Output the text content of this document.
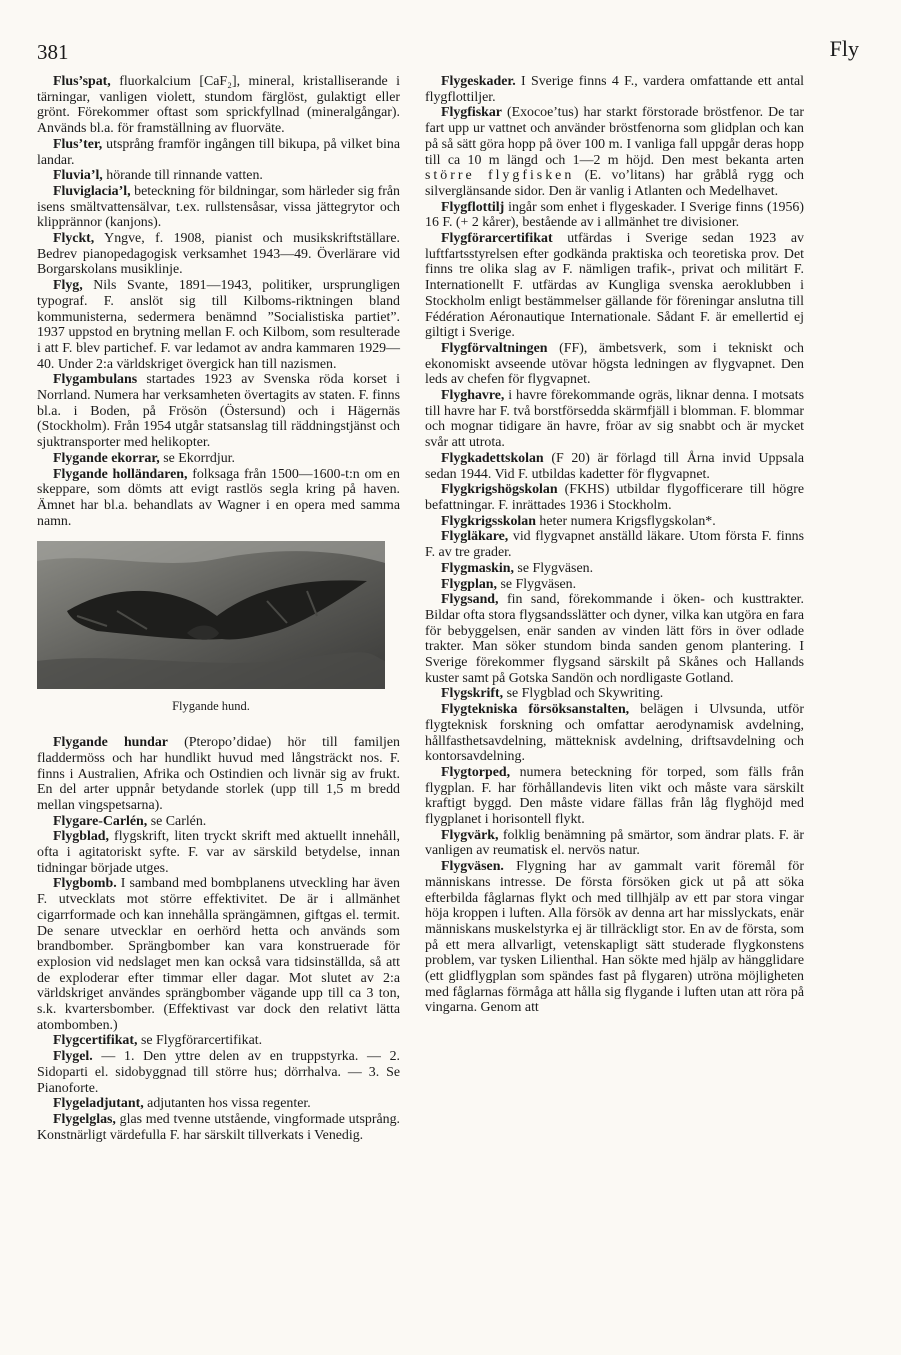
381	Fly

Flus’spat, fluorkalcium [CaF₂], mineral, kristalliserande i tärningar, vanligen violett, stundom färglöst, gulaktigt eller grönt. Förekommer oftast som sprickfyllnad (mineralgångar). Används bl.a. för framställning av fluorväte.

Flus’ter, utsprång framför ingången till bikupa, på vilket bina landar.

Fluvia’l, hörande till rinnande vatten.

Fluviglacia’l, beteckning för bildningar, som härleder sig från isens smältvattensälvar, t.ex. rullstensåsar, vissa jättegrytor och klipprännor (kanjons).

Flyckt, Yngve, f. 1908, pianist och musikskriftställare. Bedrev pianopedagogisk verksamhet 1943—49. Överlärare vid Borgarskolans musiklinje.

Flyg, Nils Svante, 1891—1943, politiker, ursprungligen typograf. F. anslöt sig till Kilboms-riktningen bland kommunisterna, sedermera benämnd ”Socialistiska partiet”. 1937 uppstod en brytning mellan F. och Kilbom, som resulterade i att F. blev partichef. F. var ledamot av andra kammaren 1929—40. Under 2:a världskriget övergick han till nazismen.

Flygambulans startades 1923 av Svenska röda korset i Norrland. Numera har verksamheten övertagits av staten. F. finns bl.a. i Boden, på Frösön (Östersund) och i Hägernäs (Stockholm). Från 1954 utgår statsanslag till räddningstjänst och sjuktransporter med helikopter.

Flygande ekorrar, se Ekorrdjur.

Flygande holländaren, folksaga från 1500—1600-t:n om en skeppare, som dömts att evigt rastlös segla kring på haven. Ämnet har bl.a. behandlats av Wagner i en opera med samma namn.

Flygande hund.

Flygande hundar (Pteropo’didae) hör till familjen fladdermöss och har hundlikt huvud med långsträckt nos. F. finns i Australien, Afrika och Ostindien och livnär sig av frukt. En del arter uppnår betydande storlek (upp till 1,5 m bredd mellan vingspetsarna).

Flygare-Carlén, se Carlén.

Flygblad, flygskrift, liten tryckt skrift med aktuellt innehåll, ofta i agitatoriskt syfte. F. var av särskild betydelse, innan tidningar började utges.

Flygbomb. I samband med bombplanens utveckling har även F. utvecklats mot större effektivitet. De är i allmänhet cigarrformade och kan innehålla sprängämnen, giftgas el. termit. De senare utvecklar en oerhörd hetta och används som brandbomber. Sprängbomber kan vara konstruerade för explosion vid nedslaget men kan också vara tidsinställda, så att de exploderar efter timmar eller dagar. Mot slutet av 2:a världskriget användes sprängbomber vägande upp till ca 3 ton, s.k. kvartersbomber. (Effektivast var dock den relativt lätta atombomben.)

Flygcertifikat, se Flygförarcertifikat.

Flygel. — 1. Den yttre delen av en truppstyrka. — 2. Sidoparti el. sidobyggnad till större hus; dörrhalva. — 3. Se Pianoforte.

Flygeladjutant, adjutanten hos vissa regenter.

Flygelglas, glas med tvenne utstående, vingformade utsprång. Konstnärligt värdefulla F. har särskilt tillverkats i Venedig.

Flygeskader. I Sverige finns 4 F., vardera omfattande ett antal flygflottiljer.

Flygfiskar (Exocoe’tus) har starkt förstorade bröstfenor. De tar fart upp ur vattnet och använder bröstfenorna som glidplan och kan på så sätt göra hopp på över 100 m. I vanliga fall uppgår deras hopp till ca 10 m längd och 1—2 m höjd. Den mest bekanta arten större flygfisken (E. vo’litans) har gråblå rygg och silverglänsande sidor. Den är vanlig i Atlanten och Medelhavet.

Flygflottilj ingår som enhet i flygeskader. I Sverige finns (1956) 16 F. (+ 2 kårer), bestående av i allmänhet tre divisioner.

Flygförarcertifikat utfärdas i Sverige sedan 1923 av luftfartsstyrelsen efter godkända praktiska och teoretiska prov. Det finns tre olika slag av F. nämligen trafik-, privat och militärt F. Internationellt F. utfärdas av Kungliga svenska aeroklubben i Stockholm enligt bestämmelser gällande för föreningar anslutna till Fédération Aéronautique Internationale. Sådant F. är emellertid ej giltigt i Sverige.

Flygförvaltningen (FF), ämbetsverk, som i tekniskt och ekonomiskt avseende utövar högsta ledningen av flygvapnet. Den leds av chefen för flygvapnet.

Flyghavre, i havre förekommande ogräs, liknar denna. I motsats till havre har F. två borstförsedda skärmfjäll i blomman. F. blommar och mognar tidigare än havre, fröar av sig snabbt och är mycket svår att utrota.

Flygkadettskolan (F 20) är förlagd till Årna invid Uppsala sedan 1944. Vid F. utbildas kadetter för flygvapnet.

Flygkrigshögskolan (FKHS) utbildar flygofficerare till högre befattningar. F. inrättades 1936 i Stockholm.

Flygkrigsskolan heter numera Krigsflygskolan*.

Flygläkare, vid flygvapnet anställd läkare. Utom första F. finns F. av tre grader.

Flygmaskin, se Flygväsen.

Flygplan, se Flygväsen.

Flygsand, fin sand, förekommande i öken- och kusttrakter. Bildar ofta stora flygsandsslätter och dyner, vilka kan utgöra en fara för bebyggelsen, enär sanden av vinden lätt förs in över odlade trakter. Man söker stundom binda sanden genom plantering. I Sverige förekommer flygsand särskilt på Skånes och Hallands kuster samt på Gotska Sandön och nordligaste Gotland.

Flygskrift, se Flygblad och Skywriting.

Flygtekniska försöksanstalten, belägen i Ulvsunda, utför flygteknisk forskning och omfattar aerodynamisk avdelning, hållfasthetsavdelning, mätteknisk avdelning, driftsavdelning och kontorsavdelning.

Flygtorped, numera beteckning för torped, som fälls från flygplan. F. har förhållandevis liten vikt och måste vara särskilt kraftigt byggd. Den måste vidare fällas från låg flyghöjd med flygplanet i horisontell flykt.

Flygvärk, folklig benämning på smärtor, som ändrar plats. F. är vanligen av reumatisk el. nervös natur.

Flygväsen. Flygning har av gammalt varit föremål för människans intresse. De första försöken gick ut på att söka efterbilda fåglarnas flykt och med tillhjälp av ett par stora vingar höja kroppen i luften. Alla försök av denna art har misslyckats, enär människans muskelstyrka ej är tillräckligt stor. En av de första, som på ett mera allvarligt, vetenskapligt sätt studerade flygkonstens problem, var tysken Lilienthal. Han sökte med hjälp av hängglidare (ett glidflygplan som spändes fast på flygaren) utröna möjligheten med fåglarnas förmåga att hålla sig flygande i luften utan att röra på vingarna. Genom att
